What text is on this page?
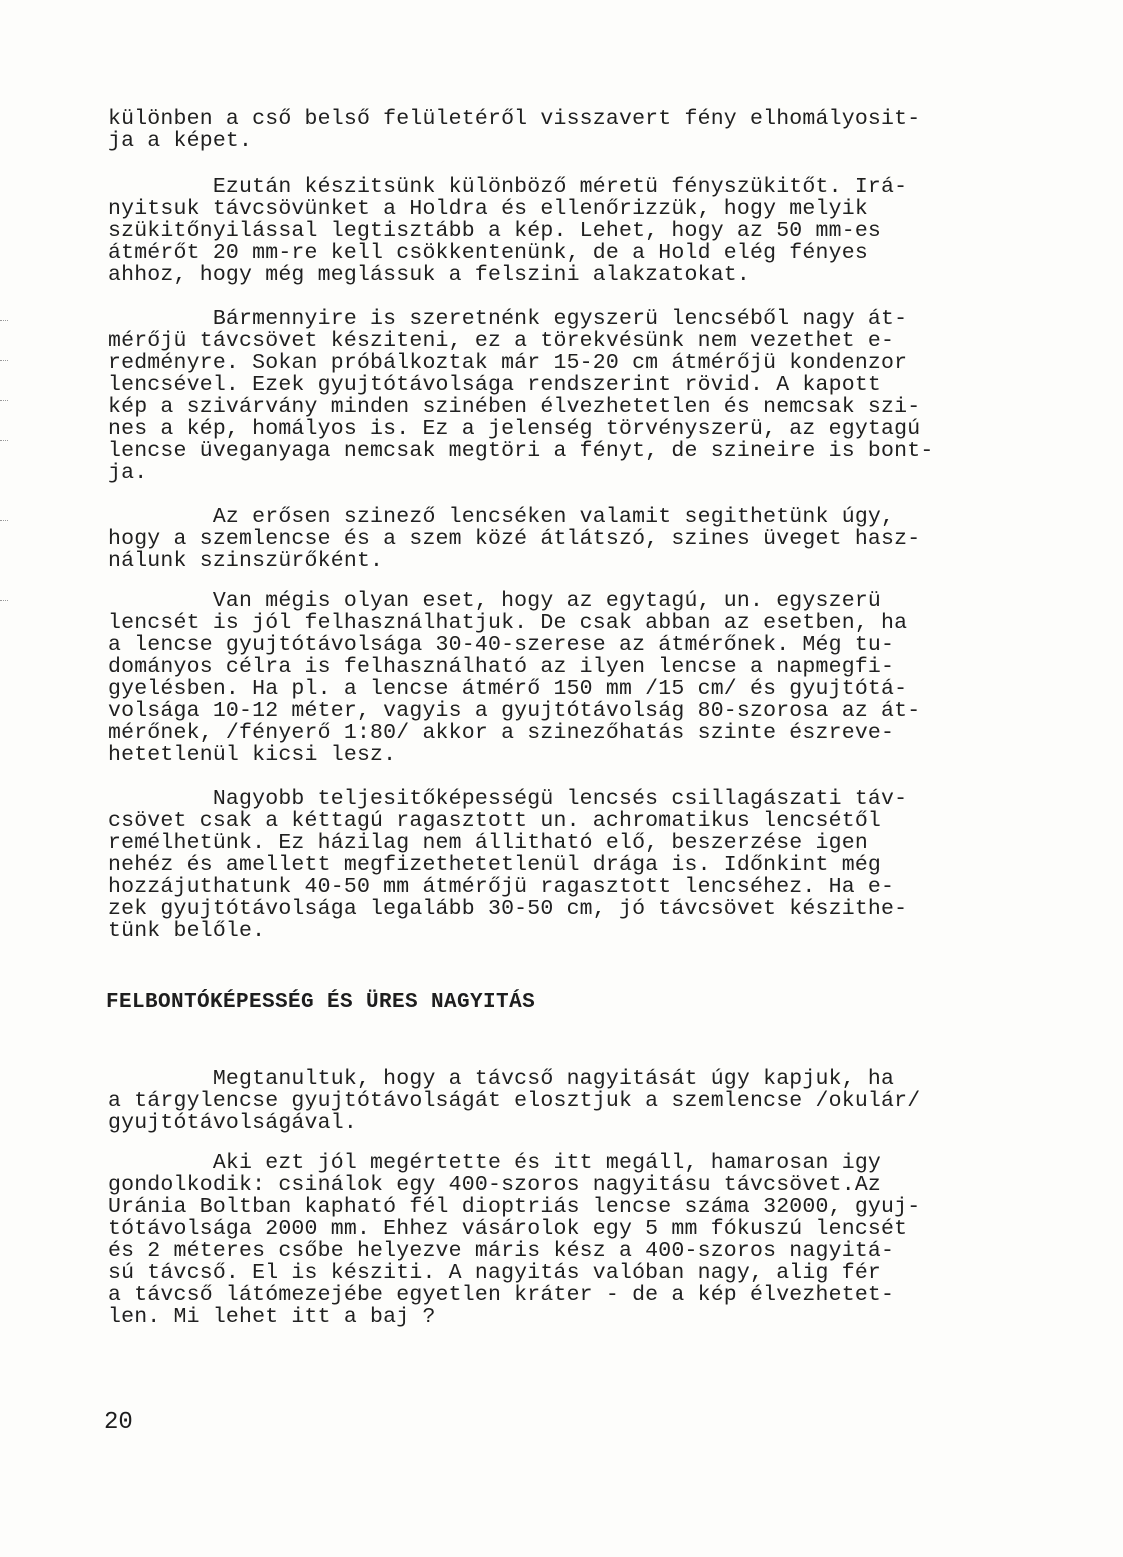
különben a cső belső felületéről visszavert fény elhomályosit-
ja a képet.
Ezután készitsünk különböző méretü fényszükitőt. Irá-
nyitsuk távcsövünket a Holdra és ellenőrizzük, hogy melyik
szükitőnyilással legtisztább a kép. Lehet, hogy az 50 mm-es
átmérőt 20 mm-re kell csökkentenünk, de a Hold elég fényes
ahhoz, hogy még meglássuk a felszini alakzatokat.
Bármennyire is szeretnénk egyszerü lencséből nagy át-
mérőjü távcsövet késziteni, ez a törekvésünk nem vezethet e-
redményre. Sokan próbálkoztak már 15-20 cm átmérőjü kondenzor
lencsével. Ezek gyujtótávolsága rendszerint rövid. A kapott
kép a szivárvány minden szinében élvezhetetlen és nemcsak szi-
nes a kép, homályos is. Ez a jelenség törvényszerü, az egytagú
lencse üveganyaga nemcsak megtöri a fényt, de szineire is bont-
ja.
Az erősen szinező lencséken valamit segithetünk úgy,
hogy a szemlencse és a szem közé átlátszó, szines üveget hasz-
nálunk szinszürőként.
Van mégis olyan eset, hogy az egytagú, un. egyszerü
lencsét is jól felhasználhatjuk. De csak abban az esetben, ha
a lencse gyujtótávolsága 30-40-szerese az átmérőnek. Még tu-
dományos célra is felhasználható az ilyen lencse a napmegfi-
gyelésben. Ha pl. a lencse átmérő 150 mm /15 cm/ és gyujtótá-
volsága 10-12 méter, vagyis a gyujtótávolság 80-szorosa az át-
mérőnek, /fényerő 1:80/ akkor a szinezőhatás szinte észreve-
hetetlenül kicsi lesz.
Nagyobb teljesitőképességü lencsés csillagászati táv-
csövet csak a kéttagú ragasztott un. achromatikus lencsétől
remélhetünk. Ez házilag nem állitható elő, beszerzése igen
nehéz és amellett megfizethetetlenül drága is. Időnkint még
hozzájuthatunk 40-50 mm átmérőjü ragasztott lencséhez. Ha e-
zek gyujtótávolsága legalább 30-50 cm, jó távcsövet készithe-
tünk belőle.
FELBONTÓKÉPESSÉG ÉS ÜRES NAGYITÁS
Megtanultuk, hogy a távcső nagyitását úgy kapjuk, ha
a tárgylencse gyujtótávolságát elosztjuk a szemlencse /okulár/
gyujtótávolságával.
Aki ezt jól megértette és itt megáll, hamarosan igy
gondolkodik: csinálok egy 400-szoros nagyitásu távcsövet.Az
Uránia Boltban kapható fél dioptriás lencse száma 32000, gyuj-
tótávolsága 2000 mm. Ehhez vásárolok egy 5 mm fókuszú lencsét
és 2 méteres csőbe helyezve máris kész a 400-szoros nagyitá-
sú távcső. El is késziti. A nagyitás valóban nagy, alig fér
a távcső látómezejébe egyetlen kráter - de a kép élvezhetet-
len. Mi lehet itt a baj ?
20
